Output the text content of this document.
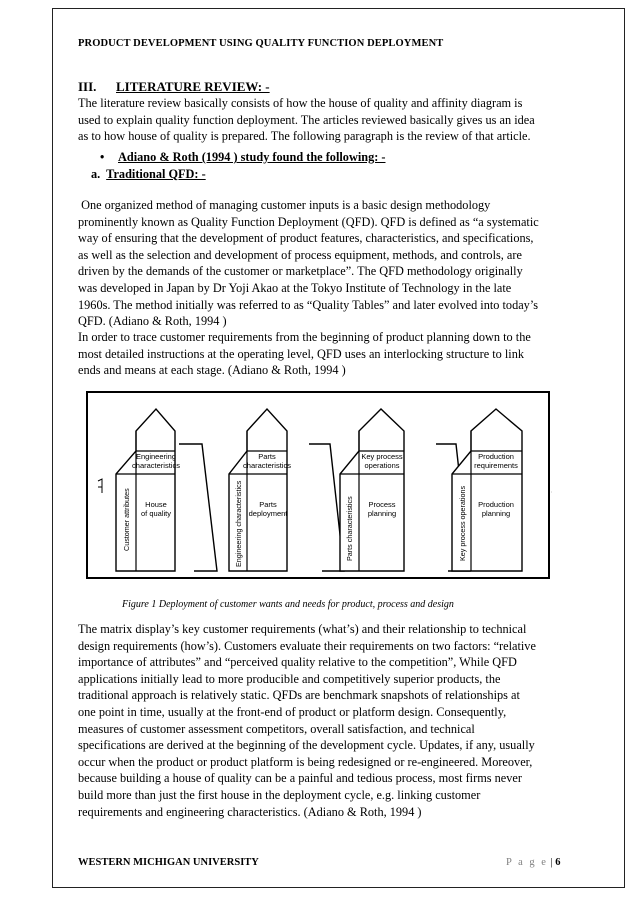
PRODUCT DEVELOPMENT USING QUALITY FUNCTION DEPLOYMENT
III. LITERATURE REVIEW: -
The literature review basically consists of how the house of quality and affinity diagram is
used to explain quality function deployment. The articles reviewed basically gives us an idea
as to how house of quality is prepared. The following paragraph is the review of that article.
• Adiano & Roth (1994 ) study found the following: -
a. Traditional QFD: -
One organized method of managing customer inputs is a basic design methodology
prominently known as Quality Function Deployment (QFD). QFD is defined as “a systematic
way of ensuring that the development of product features, characteristics, and specifications,
as well as the selection and development of process equipment, methods, and controls, are
driven by the demands of the customer or marketplace”. The QFD methodology originally
was developed in Japan by Dr Yoji Akao at the Tokyo Institute of Technology in the late
1960s. The method initially was referred to as “Quality Tables” and later evolved into today’s
QFD. (Adiano & Roth, 1994 )
In order to trace customer requirements from the beginning of product planning down to the
most detailed instructions at the operating level, QFD uses an interlocking structure to link
ends and means at each stage. (Adiano & Roth, 1994 )
Engineering
characteristics
House
of quality
Customer attributes
Parts
characteristics
Parts
deployment
Engineering characteristics
Key process
operations
Process
planning
Parts characteristics
Production
requirements
Production
planning
Key process operations
Figure 1 Deployment of customer wants and needs for product, process and design
The matrix display’s key customer requirements (what’s) and their relationship to technical
design requirements (how’s). Customers evaluate their requirements on two factors: “relative
importance of attributes” and “perceived quality relative to the competition”, While QFD
applications initially lead to more producible and competitively superior products, the
traditional approach is relatively static. QFDs are benchmark snapshots of relationships at
one point in time, usually at the front-end of product or platform design. Consequently,
measures of customer assessment competitors, overall satisfaction, and technical
specifications are derived at the beginning of the development cycle. Updates, if any, usually
occur when the product or product platform is being redesigned or re-engineered. Moreover,
because building a house of quality can be a painful and tedious process, most firms never
build more than just the first house in the deployment cycle, e.g. linking customer
requirements and engineering characteristics. (Adiano & Roth, 1994 )
WESTERN MICHIGAN UNIVERSITY	P a g e | 6
